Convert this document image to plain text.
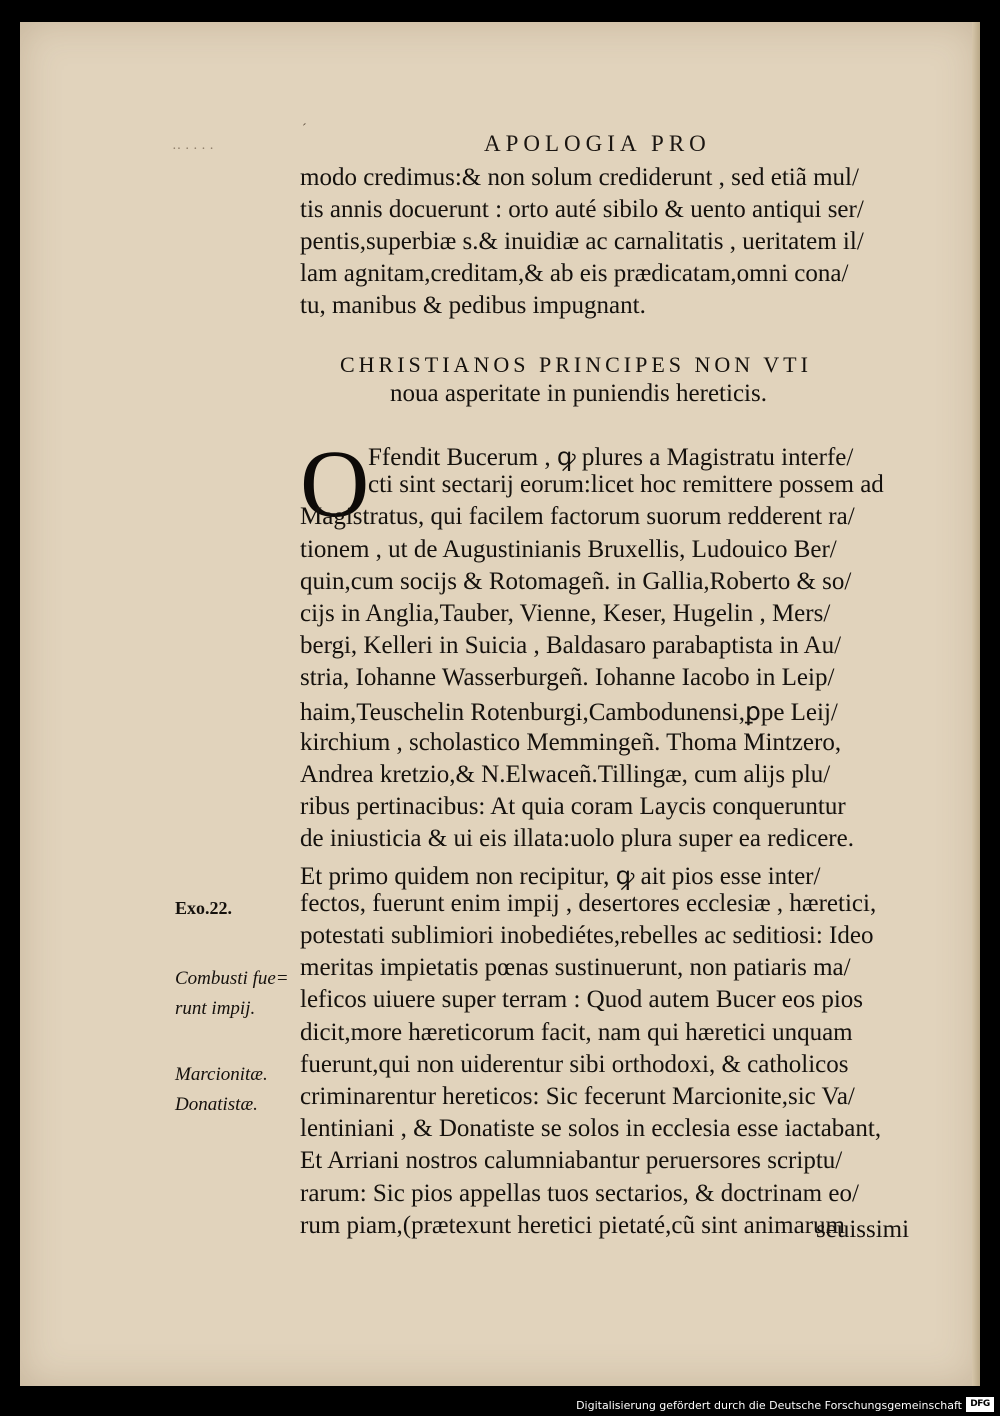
·· · · · ·
ˊ
APOLOGIA PRO
modo credimus:& non solum crediderunt , sed etiã mul/
tis annis docuerunt : orto auté sibilo & uento antiqui ser/
pentis,superbiæ s.& inuidiæ ac carnalitatis , ueritatem il/
lam agnitam,creditam,& ab eis prædicatam,omni cona/
tu, manibus & pedibus impugnant.
CHRISTIANOS PRINCIPES NON VTI
noua asperitate in puniendis hereticis.
O
Ffendit Bucerum , ꝙ plures a Magistratu interfe/
cti sint sectarij eorum:licet hoc remittere possem ad
Magistratus, qui facilem factorum suorum redderent ra/
tionem , ut de Augustinianis Bruxellis, Ludouico Ber/
quin,cum socijs & Rotomageñ. in Gallia,Roberto & so/
cijs in Anglia,Tauber, Vienne, Keser, Hugelin , Mers/
bergi, Kelleri in Suicia , Baldasaro parabaptista in Au/
stria, Iohanne Wasserburgeñ. Iohanne Iacobo in Leip/
haim,Teuschelin Rotenburgi,Cambodunensi,ꝑpe Leij/
kirchium , scholastico Memmingeñ. Thoma Mintzero,
Andrea kretzio,& N.Elwaceñ.Tillingæ, cum alijs plu/
ribus pertinacibus: At quia coram Laycis conqueruntur
de iniusticia & ui eis illata:uolo plura super ea redicere.
Et primo quidem non recipitur, ꝙ ait pios esse inter/
fectos, fuerunt enim impij , desertores ecclesiæ , hæretici,
potestati sublimiori inobediétes,rebelles ac seditiosi: Ideo
meritas impietatis pœnas sustinuerunt, non patiaris ma/
leficos uiuere super terram : Quod autem Bucer eos pios
dicit,more hæreticorum facit, nam qui hæretici unquam
fuerunt,qui non uiderentur sibi orthodoxi, & catholicos
criminarentur hereticos: Sic fecerunt Marcionite,sic Va/
lentiniani , & Donatiste se solos in ecclesia esse iactabant,
Et Arriani nostros calumniabantur peruersores scriptu/
rarum: Sic pios appellas tuos sectarios, & doctrinam eo/
rum piam,(prætexunt heretici pietaté,cũ sint animarum
seuissimi
Exo.22.
Combusti fue=
runt impij.
Marcionitæ.
Donatistæ.
Digitalisierung gefördert durch die Deutsche Forschungsgemeinschaft DFG
